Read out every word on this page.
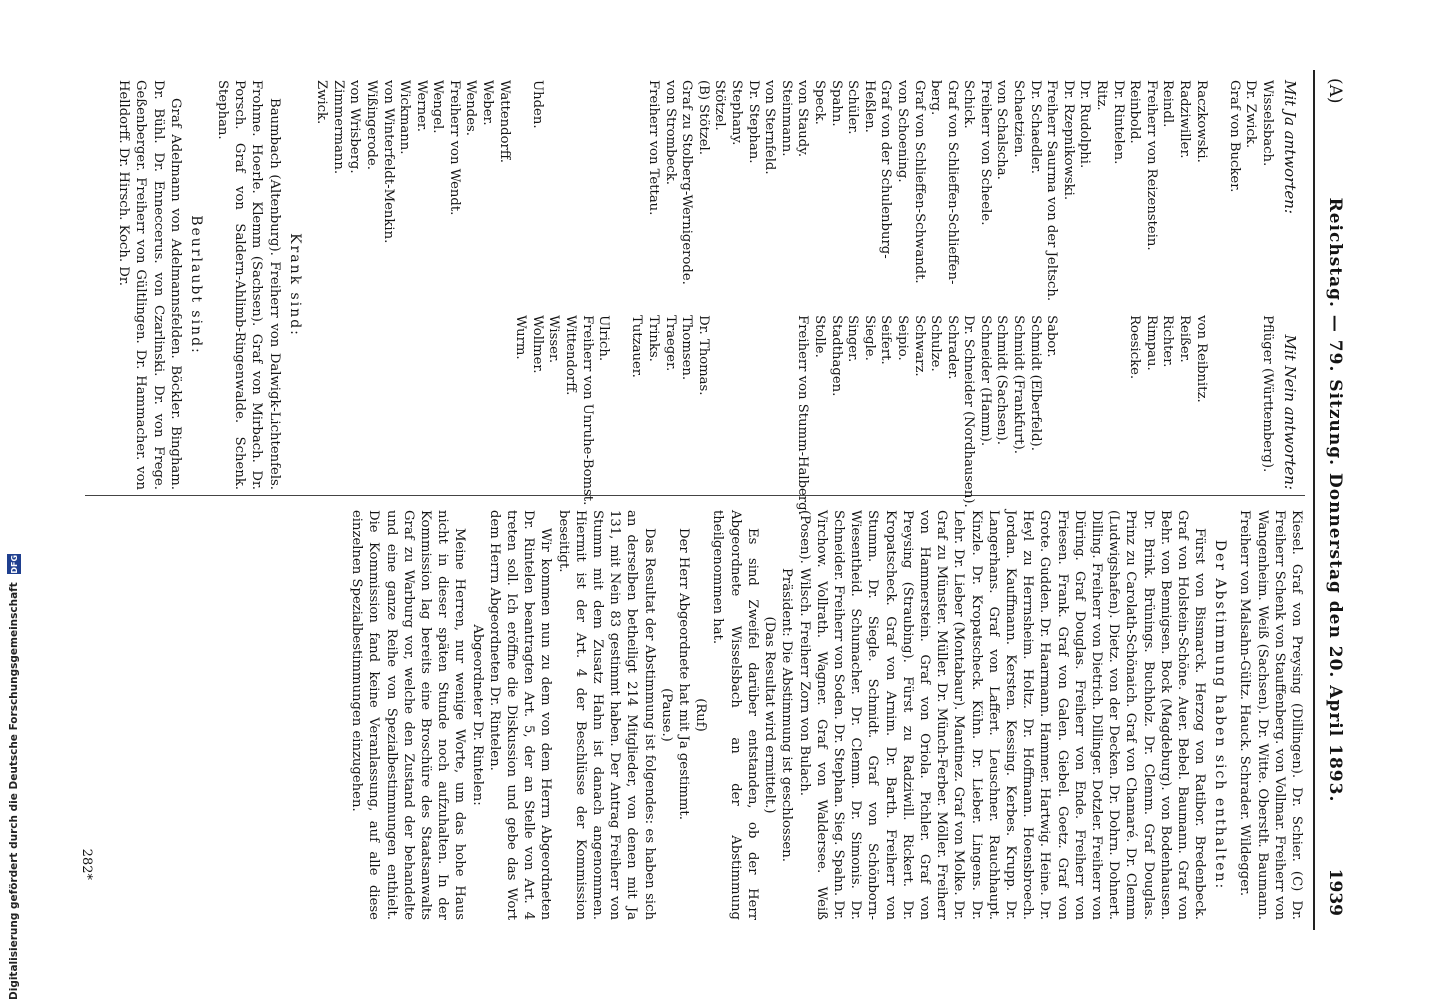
(A)
Reichstag. — 79. Sitzung. Donnerstag den 20. April 1893.
1939
Mit Ja antworten:
Mit Nein antworten:
Wisselsbach.
Dr. Zwick.
Graf von Bucker.

Raczkowski.
Radziwiller.
Reindl.
Freiherr von Reizenstein.
Reinbold.
Dr. Rintelen.
Ritz.
Dr. Rudolphi.
Dr. Rzepnikowski.
Freiherr Saurma von der Jeltsch.
Dr. Schaedler.
Schaetzien.
von Schalscha.
Freiherr von Scheele.
Schick.
Graf von Schlieffen-Schlieffen-
berg.
Graf von Schlieffen-Schwandt.
von Schoening.
Graf von der Schulenburg-
Heßlen.
Schüler.
Spahn.
Speck.
von Staudy.
Steinmann.
von Sternfeld.
Dr. Stephan.
Stephany.
Stötzel.
(B) Stötzel.
Graf zu Stolberg-Wernigerode.
von Strombeck.
Freiherr von Tettau.

Uhden.
Pflüger (Württemberg).

von Reibnitz.
Reißer.
Richter.
Rimpau.
Roesicke.

Sabor.
Schmidt (Elberfeld).
Schmidt (Frankfurt).
Schmidt (Sachsen).
Schneider (Hamm).
Dr. Schneider (Nordhausen).
Schrader.
Schulze.
Schwarz.
Seipio.
Seifert.
Siegle.
Singer.
Stadthagen.
Stolle.
Freiherr von Stumm-Halberg.

Dr. Thomas.
Thomsen.
Traeger.
Trinks.
Tutzauer.

Ulrich.
Freiherr von Unruhe-Bomst.
Wittendorff.
Wisser.
Wollmer.
Wurm.
Wattendorff.
Weber.
Wendes.
Freiherr von Wendt.
Wengel.
Werner.
Wickmann.
von Winterfeldt-Menkin.
Wißingerode.
von Wrisberg.
Zimmermann.
Zwick.
Krank sind:

Baumbach (Altenburg). Freiherr von Dalwigk-Lichtenfels. Frohme. Hoerle. Klemm (Sachsen). Graf von Mirbach. Dr. Porsch. Graf von Saldern-Ahlimb-Ringenwalde. Schenk. Stephan.

Beurlaubt sind:

Graf Adelmann von Adelmannsfelden. Böckler. Bingham. Dr. Bühl. Dr. Enneccerus. von Czarlinski. Dr. von Frege. Geßenberger. Freiherr von Gültlingen. Dr. Hammacher. von Helldorff. Dr. Hirsch. Koch. Dr.

Kiesel. Graf von Preysing (Dillingen). Dr. Schier. (C) Dr. Freiherr Schenk von Stauffenberg. von Vollmar. Freiherr von Wangenheim. Weiß (Sachsen). Dr. Witte. Oberstlt. Baumann. Freiherr von Malsahn-Gültz. Hauck. Schrader. Wildegger.

Der Abstimmung haben sich enthalten:

Fürst von Bismarck. Herzog von Ratibor. Bredenbeck. Graf von Holstein-Schöne. Auer. Bebel. Baumann. Graf von Behr. von Bennigsen. Bock (Magdeburg). von Bodenhausen. Dr. Brink. Brünings. Buchholz. Dr. Clemm. Graf Douglas. Prinz zu Carolath-Schönaich. Graf von Chamaré. Dr. Clemm (Ludwigshafen). Dietz. von der Decken. Dr. Dohrn. Dohnert. Dilling. Freiherr von Dietrich. Dillinger. Dotzler. Freiherr von Düring. Graf Douglas. Freiherr von Ende. Freiherr von Friesen. Frank. Graf von Galen. Giebel. Goetz. Graf von Grote. Gudden. Dr. Haarmann. Hammer. Hartwig. Heine. Dr. Heyl zu Herrnsheim. Holtz. Dr. Hoffmann. Hoensbroech. Jordan. Kauffmann. Kersten. Kessing. Kerbes. Krupp. Dr. Langerhans. Graf von Laffert. Leuschner. Rauchhaupt. Kinzle. Dr. Kropatscheck. Kühn. Dr. Lieber. Lingens. Dr. Lehr. Dr. Lieber (Montabaur). Mantinez. Graf von Molke. Dr. Graf zu Münster. Müller. Dr. Münch-Ferber. Möller. Freiherr von Hammerstein. Graf von Oriola. Pichler. Graf von Preysing (Straubing). Fürst zu Radziwill. Rickert. Dr. Kropatscheck. Graf von Arnim. Dr. Barth. Freiherr von Stumm. Dr. Siegle. Schmidt. Graf von Schönborn-Wiesentheid. Schumacher. Dr. Clemm. Dr. Simonis. Dr. Schneider. Freiherr von Soden. Dr. Stephan. Sieg. Spahn. Dr. Virchow. Vollrath. Wagner. Graf von Waldersee. Weiß (Posen). Wilsch. Freiherr Zorn von Bulach.

Präsident: Die Abstimmung ist geschlossen.

(Das Resultat wird ermittelt.)

Es sind Zweifel darüber entstanden, ob der Herr Abgeordnete Wisselsbach an der Abstimmung theilgenommen hat.

(Ruf)

Der Herr Abgeordnete hat mit Ja gestimmt.

(Pause.)

Das Resultat der Abstimmung ist folgendes: es haben sich an derselben betheiligt 214 Mitglieder, von denen mit Ja 131, mit Nein 83 gestimmt haben. Der Antrag Freiherr von Stumm mit dem Zusatz Hahn ist danach angenommen. Hiermit ist der Art. 4 der Beschlüsse der Kommission beseitigt.

Wir kommen nun zu dem von dem Herrn Abgeordneten Dr. Rintelen beantragten Art. 5, der an Stelle von Art. 4 treten soll. Ich eröffne die Diskussion und gebe das Wort dem Herrn Abgeordneten Dr. Rintelen.

Abgeordneter Dr. Rintelen:

Meine Herren, nur wenige Worte, um das hohe Haus nicht in dieser späten Stunde noch aufzuhalten. In der Kommission lag bereits eine Broschüre des Staatsanwalts Graf zu Warburg vor, welche den Zustand der behandelte und eine ganze Reihe von Spezialbestimmungen enthielt. Die Kommission fand keine Veranlassung, auf alle diese einzelnen Spezialbestimmungen einzugehen.

282*
Digitalisierung gefördert durch die Deutsche Forschungsgemeinschaft
DFG
